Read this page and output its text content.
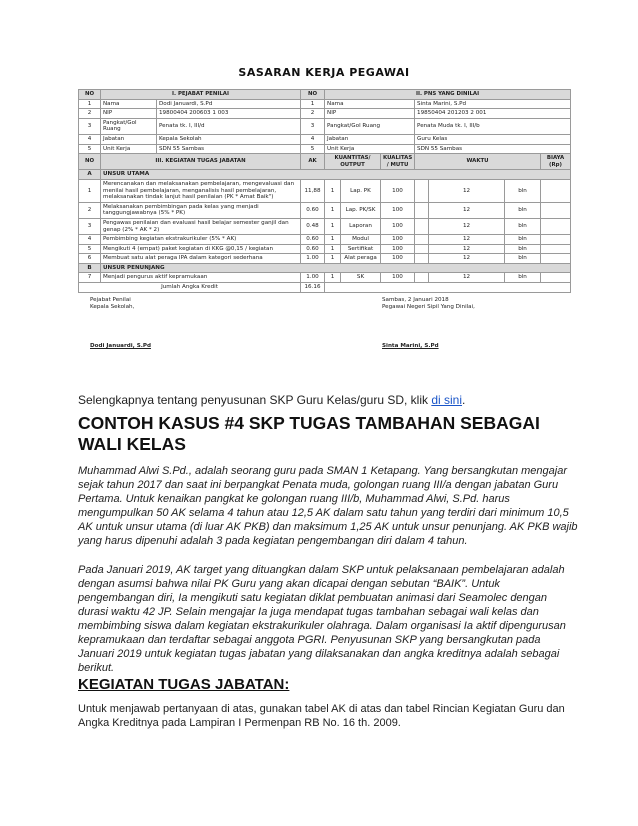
SASARAN KERJA PEGAWAI
NO	I. PEJABAT PENILAI		NO	II. PNS YANG DINILAI						
1	Nama	Dodi Januardi, S.Pd	1	Nama			Sinta Marini, S.Pd			
2	NIP	19800404 200603 1 003	2	NIP			19850404 201203 2 001			
3	Pangkat/Gol Ruang	Penata tk. I, III/d	3	Pangkat/Gol Ruang			Penata Muda tk. I, III/b			
4	Jabatan	Kepala Sekolah	4	Jabatan			Guru Kelas			
5	Unit Kerja	SDN 55 Sambas	5	Unit Kerja			SDN 55 Sambas			
NO	III. KEGIATAN TUGAS JABATAN		AK	KUANTITAS/ OUTPUT		KUALITAS / MUTU	WAKTU			BIAYA (Rp)
A	UNSUR UTAMA									
1	Merencanakan dan melaksanakan pembelajaran, mengevaluasi dan menilai hasil pembelajaran, menganalisis hasil pembelajaran, melaksanakan tindak lanjut hasil penilaian (PK * Amat Baik")		11,88	1	Lap. PK	100		12	bln	
2	Melaksanakan pembimbingan pada kelas yang menjadi tanggungjawabnya (5% * PK)		0.60	1	Lap. PK/SK	100		12	bln	
3	Pengawas penilaian dan evaluasi hasil belajar semester ganjil dan genap (2% * AK * 2)		0.48	1	Laporan	100		12	bln	
4	Pembimbing kegiatan ekstrakurikuler (5% * AK)		0.60	1	Modul	100		12	bln	
5	Mengikuti 4 (empat) paket kegiatan di KKG @0,15 / kegiatan		0.60	1	Sertifikat	100		12	bln	
6	Membuat satu alat peraga IPA dalam kategori sederhana		1.00	1	Alat peraga	100		12	bln	
B	UNSUR PENUNJANG									
7	Menjadi pengurus aktif kepramukaan		1.00	1	SK	100		12	bln	
Jumlah Angka Kredit			16.16							
Pejabat Penilai
Kepala Sekolah,
Sambas, 2 Januari 2018
Pegawai Negeri Sipil Yang Dinilai,
Dodi Januardi, S.Pd	Sinta Marini, S.Pd
Selengkapnya tentang penyusunan SKP Guru Kelas/guru SD, klik di sini.
CONTOH KASUS #4 SKP TUGAS TAMBAHAN SEBAGAI WALI KELAS

Muhammad Alwi S.Pd., adalah seorang guru pada SMAN 1 Ketapang. Yang bersangkutan mengajar sejak tahun 2017 dan saat ini berpangkat Penata muda, golongan ruang III/a dengan jabatan Guru Pertama. Untuk kenaikan pangkat ke golongan ruang III/b, Muhammad Alwi, S.Pd. harus mengumpulkan 50 AK selama 4 tahun atau 12,5 AK dalam satu tahun yang terdiri dari minimum 10,5 AK untuk unsur utama (di luar AK PKB) dan maksimum 1,25 AK untuk unsur penunjang. AK PKB wajib yang harus dipenuhi adalah 3 pada kegiatan pengembangan diri dalam 4 tahun.

Pada Januari 2019, AK target yang dituangkan dalam SKP untuk pelaksanaan pembelajaran adalah dengan asumsi bahwa nilai PK Guru yang akan dicapai dengan sebutan “BAIK”. Untuk pengembangan diri, Ia mengikuti satu kegiatan diklat pembuatan animasi dari Seamolec dengan durasi waktu 42 JP. Selain mengajar Ia juga mendapat tugas tambahan sebagai wali kelas dan membimbing siswa dalam kegiatan ekstrakurikuler olahraga. Dalam organisasi Ia aktif dipengurusan kepramukaan dan terdaftar sebagai anggota PGRI. Penyusunan SKP yang bersangkutan pada Januari 2019 untuk kegiatan tugas jabatan yang dilaksanakan dan angka kreditnya adalah sebagai berikut.

KEGIATAN TUGAS JABATAN:

Untuk menjawab pertanyaan di atas, gunakan tabel AK di atas dan tabel Rincian Kegiatan Guru dan Angka Kreditnya pada Lampiran I Permenpan RB No. 16 th. 2009.
